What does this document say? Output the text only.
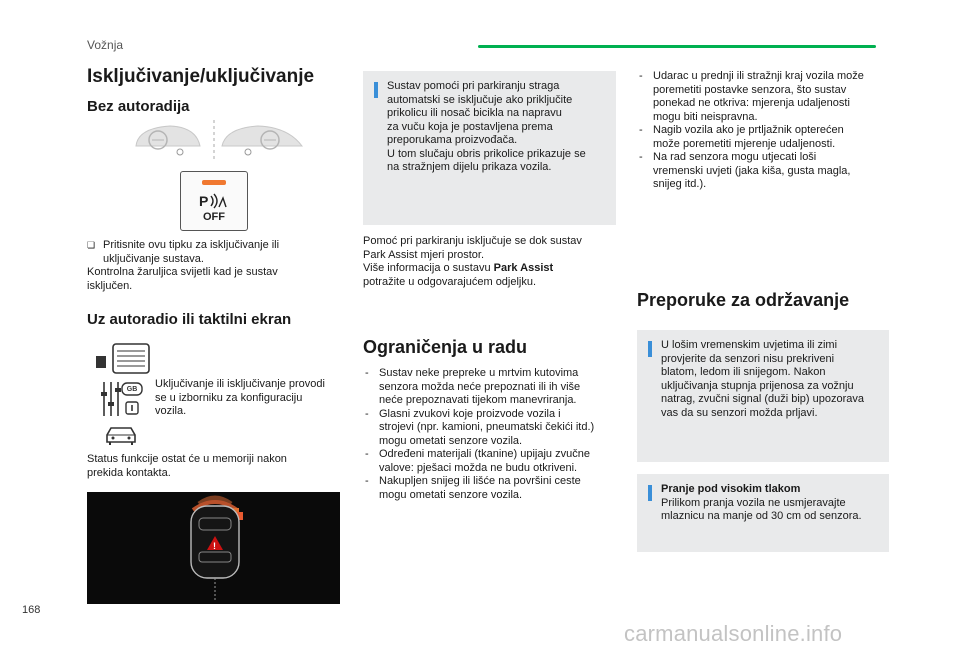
Vožnja
Isključivanje/uključivanje
Bez autoradija
P
OFF
❏ Pritisnite ovu tipku za isključivanje ili
uključivanje sustava.
Kontrolna žaruljica svijetli kad je sustav
isključen.
Uz autoradio ili taktilni ekran
GB Uključivanje ili isključivanje provodi
se u izborniku za konfiguraciju
vozila.
Status funkcije ostat će u memoriji nakon
prekida kontakta.
!
Sustav pomoći pri parkiranju straga
automatski se isključuje ako priključite
prikolicu ili nosač bicikla na napravu
za vuču koja je postavljena prema
preporukama proizvođača.
U tom slučaju obris prikolice prikazuje se
na stražnjem dijelu prikaza vozila.
Pomoć pri parkiranju isključuje se dok sustav
Park Assist mjeri prostor.
Više informacija o sustavu Park Assist
potražite u odgovarajućem odjeljku.
Ograničenja u radu
- Sustav neke prepreke u mrtvim kutovima
senzora možda neće prepoznati ili ih više
neće prepoznavati tijekom manevriranja.
- Glasni zvukovi koje proizvode vozila i
strojevi (npr. kamioni, pneumatski čekići itd.)
mogu ometati senzore vozila.
- Određeni materijali (tkanine) upijaju zvučne
valove: pješaci možda ne budu otkriveni.
- Nakupljen snijeg ili lišće na površini ceste
mogu ometati senzore vozila.
- Udarac u prednji ili stražnji kraj vozila može
poremetiti postavke senzora, što sustav
ponekad ne otkriva: mjerenja udaljenosti
mogu biti neispravna.
- Nagib vozila ako je prtljažnik opterećen
može poremetiti mjerenje udaljenosti.
- Na rad senzora mogu utjecati loši
vremenski uvjeti (jaka kiša, gusta magla,
snijeg itd.).
Preporuke za održavanje
U lošim vremenskim uvjetima ili zimi
provjerite da senzori nisu prekriveni
blatom, ledom ili snijegom. Nakon
uključivanja stupnja prijenosa za vožnju
natrag, zvučni signal (duži bip) upozorava
vas da su senzori možda prljavi.
Pranje pod visokim tlakom
Prilikom pranja vozila ne usmjeravajte
mlaznicu na manje od 30 cm od senzora.
168
carmanualsonline.info
